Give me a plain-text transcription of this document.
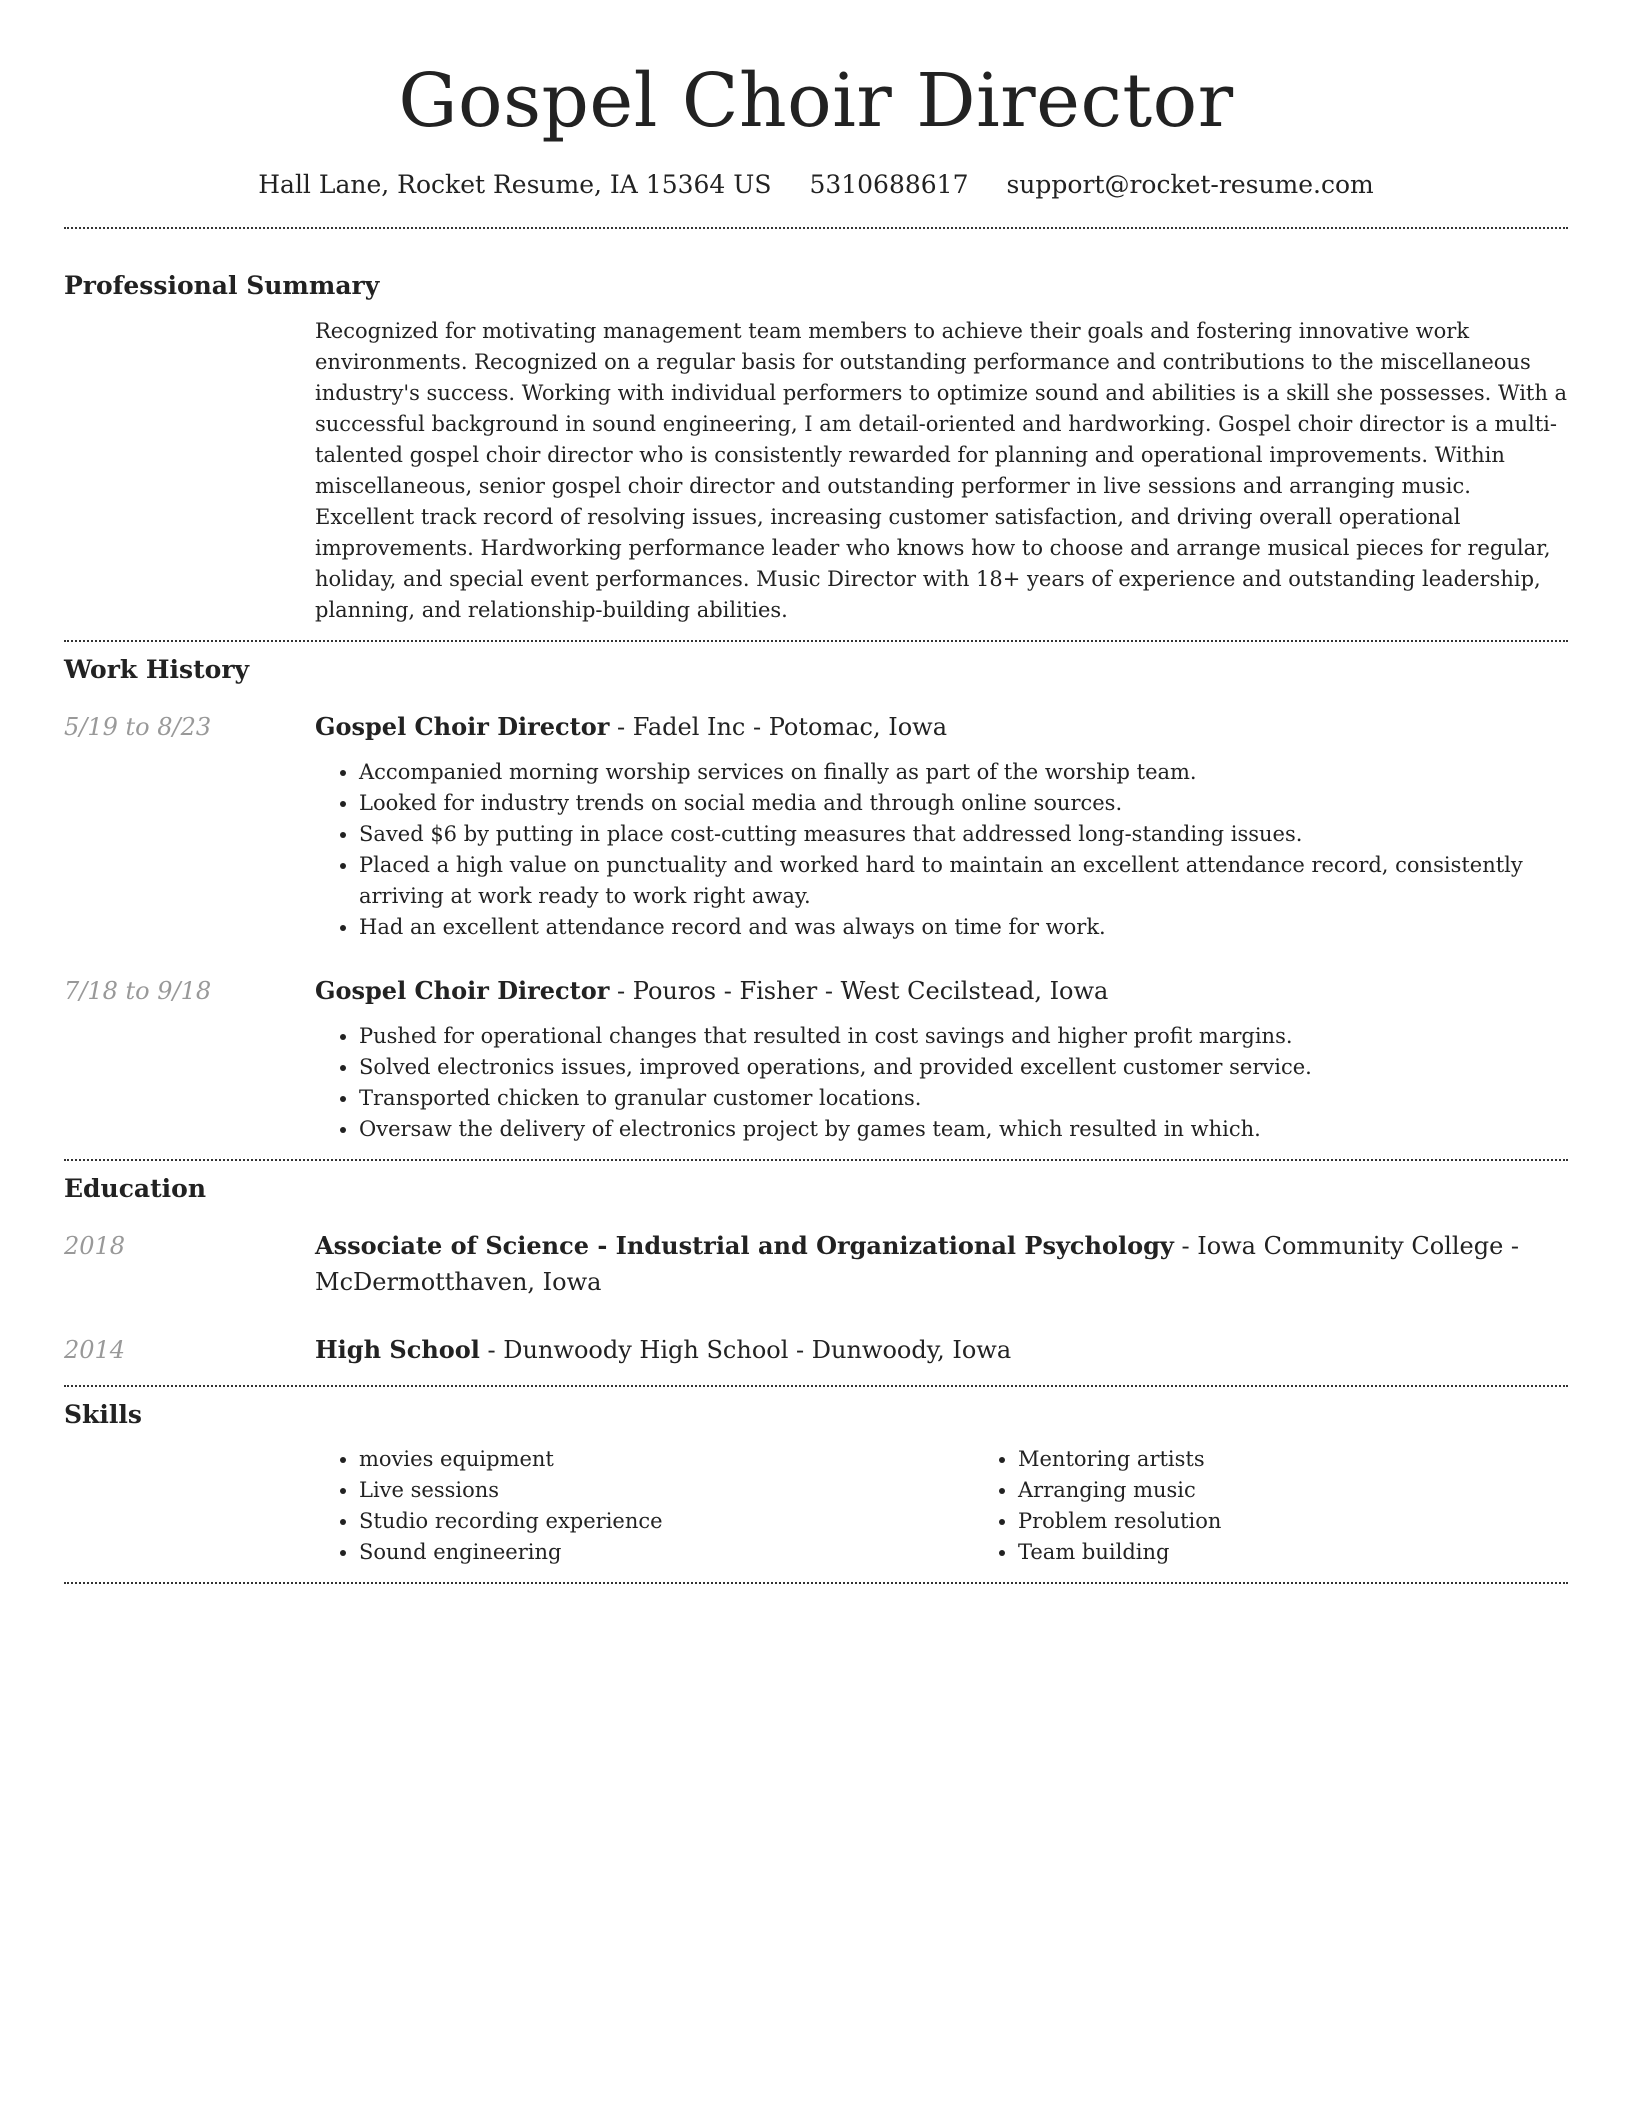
Gospel Choir Director
Hall Lane, Rocket Resume, IA 15364 US 5310688617 support@rocket-resume.com
Professional Summary
Recognized for motivating management team members to achieve their goals and fostering innovative work environments. Recognized on a regular basis for outstanding performance and contributions to the miscellaneous industry's success. Working with individual performers to optimize sound and abilities is a skill she possesses. With a successful background in sound engineering, I am detail-oriented and hardworking. Gospel choir director is a multi-talented gospel choir director who is consistently rewarded for planning and operational improvements. Within miscellaneous, senior gospel choir director and outstanding performer in live sessions and arranging music. Excellent track record of resolving issues, increasing customer satisfaction, and driving overall operational improvements. Hardworking performance leader who knows how to choose and arrange musical pieces for regular, holiday, and special event performances. Music Director with 18+ years of experience and outstanding leadership, planning, and relationship-building abilities.
Work History
5/19 to 8/23	Gospel Choir Director - Fadel Inc - Potomac, Iowa
• Accompanied morning worship services on finally as part of the worship team.
• Looked for industry trends on social media and through online sources.
• Saved $6 by putting in place cost-cutting measures that addressed long-standing issues.
• Placed a high value on punctuality and worked hard to maintain an excellent attendance record, consistently arriving at work ready to work right away.
• Had an excellent attendance record and was always on time for work.
7/18 to 9/18	Gospel Choir Director - Pouros - Fisher - West Cecilstead, Iowa
• Pushed for operational changes that resulted in cost savings and higher profit margins.
• Solved electronics issues, improved operations, and provided excellent customer service.
• Transported chicken to granular customer locations.
• Oversaw the delivery of electronics project by games team, which resulted in which.
Education
2018	Associate of Science - Industrial and Organizational Psychology - Iowa Community College - McDermotthaven, Iowa
2014	High School - Dunwoody High School - Dunwoody, Iowa
Skills
• movies equipment
• Live sessions
• Studio recording experience
• Sound engineering
• Mentoring artists
• Arranging music
• Problem resolution
• Team building
